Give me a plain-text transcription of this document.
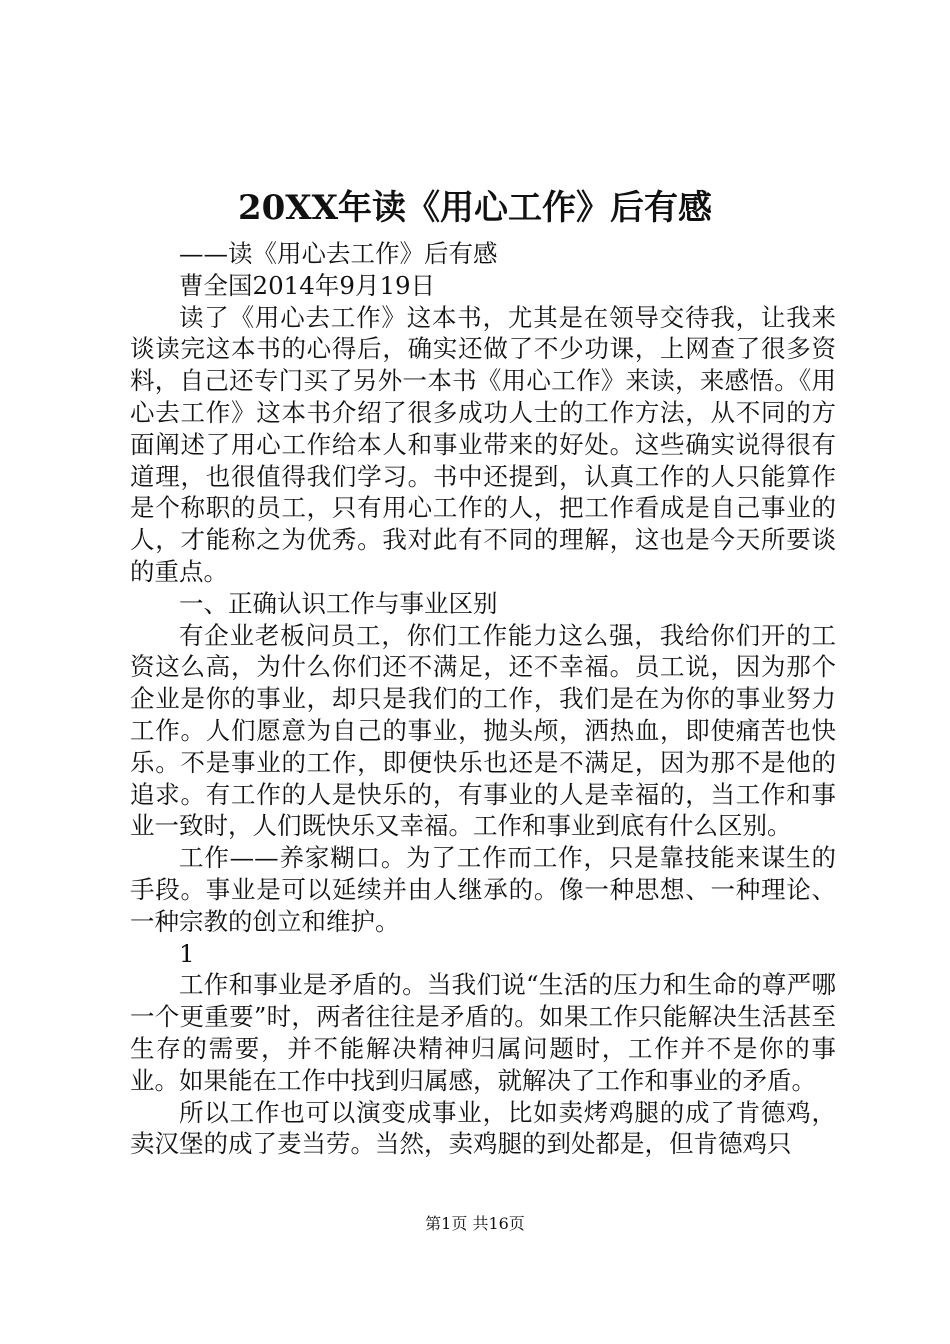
20XX年读《用心工作》后有感

——读《用心去工作》后有感

曹全国2014年9月19日

读了《用心去工作》这本书，尤其是在领导交待我，让我来谈读完这本书的心得后，确实还做了不少功课，上网查了很多资料，自己还专门买了另外一本书《用心工作》来读，来感悟。《用心去工作》这本书介绍了很多成功人士的工作方法，从不同的方面阐述了用心工作给本人和事业带来的好处。这些确实说得很有道理，也很值得我们学习。书中还提到，认真工作的人只能算作是个称职的员工，只有用心工作的人，把工作看成是自己事业的人，才能称之为优秀。我对此有不同的理解，这也是今天所要谈的重点。

一、正确认识工作与事业区别

有企业老板问员工，你们工作能力这么强，我给你们开的工资这么高，为什么你们还不满足，还不幸福。员工说，因为那个企业是你的事业，却只是我们的工作，我们是在为你的事业努力工作。人们愿意为自己的事业，抛头颅，洒热血，即使痛苦也快乐。不是事业的工作，即便快乐也还是不满足，因为那不是他的追求。有工作的人是快乐的，有事业的人是幸福的，当工作和事业一致时，人们既快乐又幸福。工作和事业到底有什么区别。

工作——养家糊口。为了工作而工作，只是靠技能来谋生的手段。事业是可以延续并由人继承的。像一种思想、一种理论、一种宗教的创立和维护。

1

工作和事业是矛盾的。当我们说“生活的压力和生命的尊严哪一个更重要”时，两者往往是矛盾的。如果工作只能解决生活甚至生存的需要，并不能解决精神归属问题时，工作并不是你的事业。如果能在工作中找到归属感，就解决了工作和事业的矛盾。

所以工作也可以演变成事业，比如卖烤鸡腿的成了肯德鸡，卖汉堡的成了麦当劳。当然，卖鸡腿的到处都是，但肯德鸡只

第1页 共16页
